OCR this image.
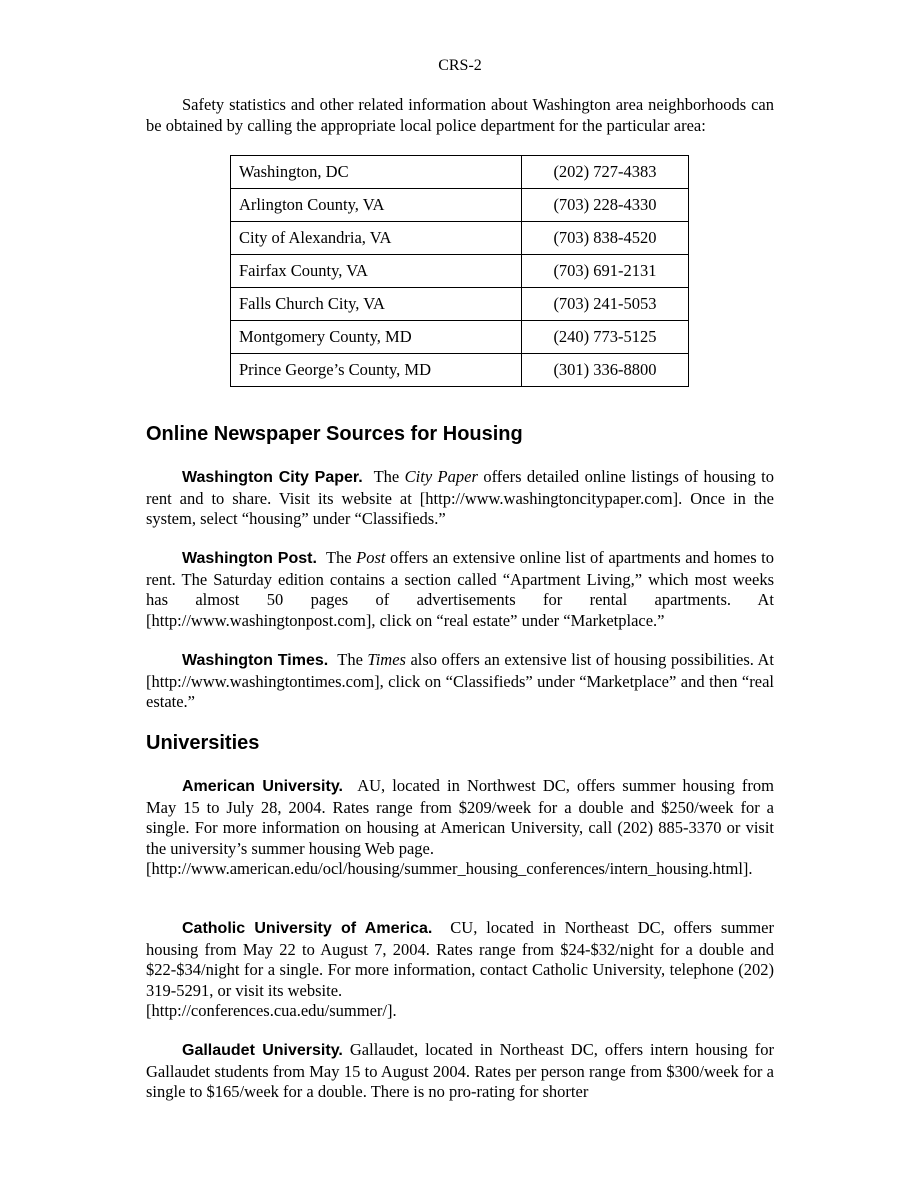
CRS-2

Safety statistics and other related information about Washington area neighborhoods can be obtained by calling the appropriate local police department for the particular area:

Washington, DC	(202) 727-4383
Arlington County, VA	(703) 228-4330
City of Alexandria, VA	(703) 838-4520
Fairfax County, VA	(703) 691-2131
Falls Church City, VA	(703) 241-5053
Montgomery County, MD	(240) 773-5125
Prince George’s County, MD	(301) 336-8800
Online Newspaper Sources for Housing

Washington City Paper. The City Paper offers detailed online listings of housing to rent and to share. Visit its website at [http://www.washingtoncitypaper.com]. Once in the system, select “housing” under “Classifieds.”

Washington Post. The Post offers an extensive online list of apartments and homes to rent. The Saturday edition contains a section called “Apartment Living,” which most weeks has almost 50 pages of advertisements for rental apartments. At [http://www.washingtonpost.com], click on “real estate” under “Marketplace.”

Washington Times. The Times also offers an extensive list of housing possibilities. At [http://www.washingtontimes.com], click on “Classifieds” under “Marketplace” and then “real estate.”

Universities

American University. AU, located in Northwest DC, offers summer housing from May 15 to July 28, 2004. Rates range from $209/week for a double and $250/week for a single. For more information on housing at American University, call (202) 885-3370 or visit the university’s summer housing Web page.

[http://www.american.edu/ocl/housing/summer_housing_conferences/intern_housing.html].

Catholic University of America. CU, located in Northeast DC, offers summer housing from May 22 to August 7, 2004. Rates range from $24-$32/night for a double and $22-$34/night for a single. For more information, contact Catholic University, telephone (202) 319-5291, or visit its website.

[http://conferences.cua.edu/summer/].

Gallaudet University. Gallaudet, located in Northeast DC, offers intern housing for Gallaudet students from May 15 to August 2004. Rates per person range from $300/week for a single to $165/week for a double. There is no pro-rating for shorter
